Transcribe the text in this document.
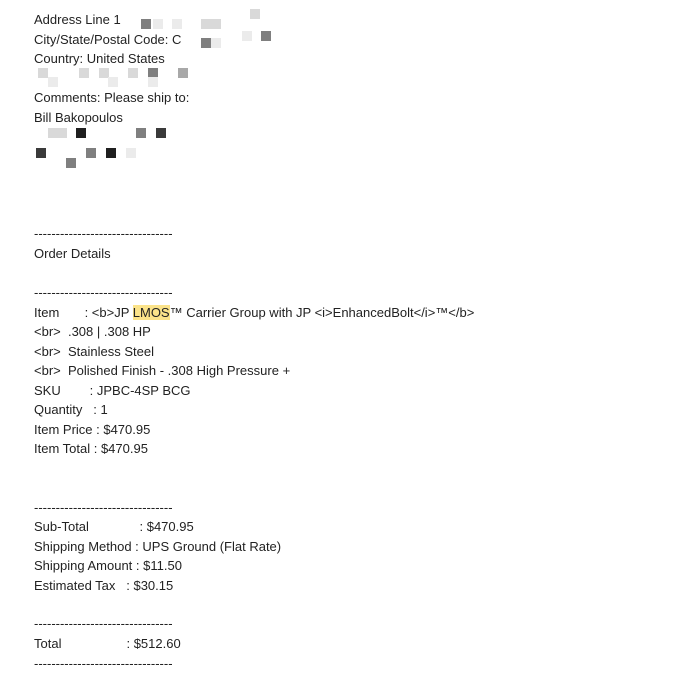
Address Line 1
City/State/Postal Code: C
Country: United States
Comments: Please ship to:
Bill Bakopoulos
--------------------------------
Order Details
--------------------------------
Item       : <b>JP LMOS™ Carrier Group with JP <i>EnhancedBolt</i>™</b>
<br>  .308 | .308 HP
<br>  Stainless Steel
<br>  Polished Finish - .308 High Pressure +
SKU        : JPBC-4SP BCG
Quantity   : 1
Item Price : $470.95
Item Total : $470.95
--------------------------------
Sub-Total              : $470.95
Shipping Method : UPS Ground (Flat Rate)
Shipping Amount : $11.50
Estimated Tax   : $30.15
--------------------------------
Total                  : $512.60
--------------------------------
